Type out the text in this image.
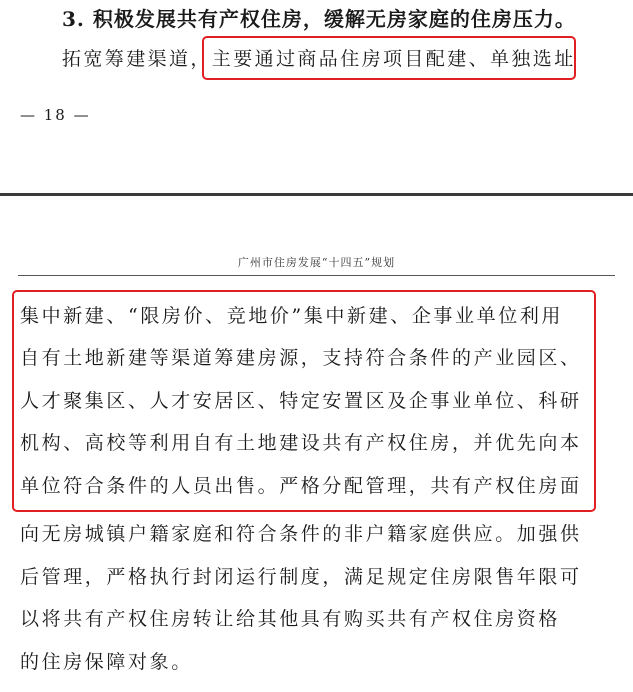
3. 积极发展共有产权住房，缓解无房家庭的住房压力。
拓宽筹建渠道，主要通过商品住房项目配建、单独选址
— 18 —
广州市住房发展“十四五”规划
集中新建、“限房价、竞地价”集中新建、企事业单位利用
自有土地新建等渠道筹建房源，支持符合条件的产业园区、
人才聚集区、人才安居区、特定安置区及企事业单位、科研
机构、高校等利用自有土地建设共有产权住房，并优先向本
单位符合条件的人员出售。严格分配管理，共有产权住房面
向无房城镇户籍家庭和符合条件的非户籍家庭供应。加强供
后管理，严格执行封闭运行制度，满足规定住房限售年限可
以将共有产权住房转让给其他具有购买共有产权住房资格
的住房保障对象。
